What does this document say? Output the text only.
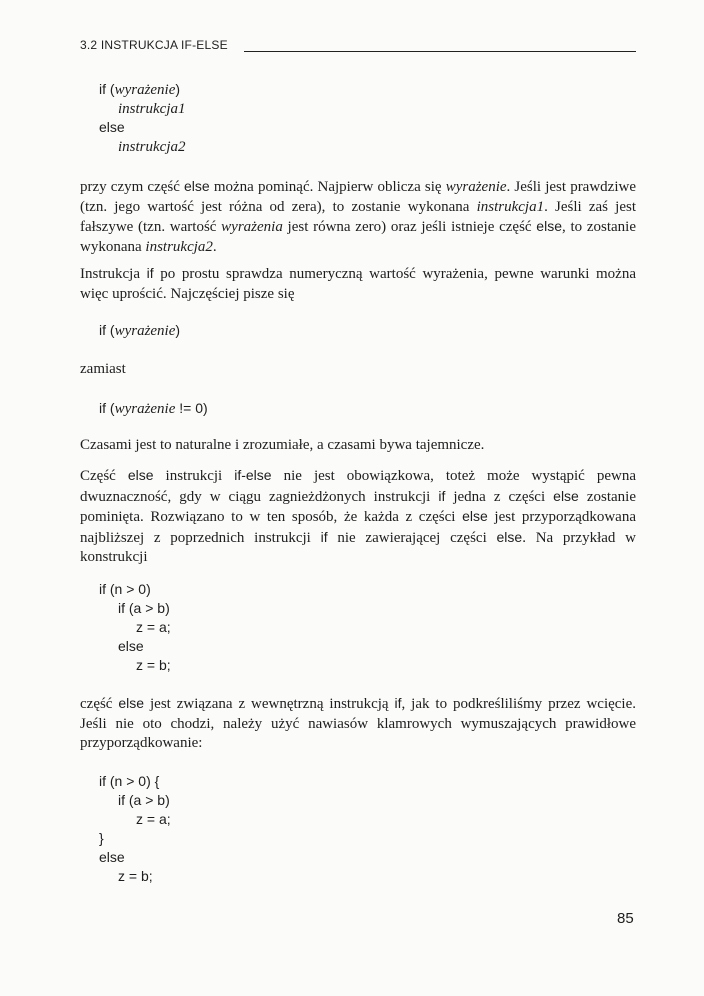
3.2 INSTRUKCJA IF-ELSE
if (wyrażenie)
instrukcja1
else
instrukcja2
przy czym część else można pominąć. Najpierw oblicza się wyrażenie. Jeśli jest prawdziwe (tzn. jego wartość jest różna od zera), to zostanie wykonana instrukcja1. Jeśli zaś jest fałszywe (tzn. wartość wyrażenia jest równa zero) oraz jeśli istnieje część else, to zostanie wykonana instrukcja2.
Instrukcja if po prostu sprawdza numeryczną wartość wyrażenia, pewne warunki można więc uprościć. Najczęściej pisze się
if (wyrażenie)
zamiast
if (wyrażenie != 0)
Czasami jest to naturalne i zrozumiałe, a czasami bywa tajemnicze.
Część else instrukcji if-else nie jest obowiązkowa, toteż może wystąpić pewna dwuznaczność, gdy w ciągu zagnieżdżonych instrukcji if jedna z części else zostanie pominięta. Rozwiązano to w ten sposób, że każda z części else jest przyporządkowana najbliższej z poprzednich instrukcji if nie zawierającej części else. Na przykład w konstrukcji
if (n > 0)
if (a > b)
z = a;
else
z = b;
część else jest związana z wewnętrzną instrukcją if, jak to podkreśliliśmy przez wcięcie. Jeśli nie oto chodzi, należy użyć nawiasów klamrowych wymuszających prawidłowe przyporządkowanie:
if (n > 0) {
if (a > b)
z = a;
}
else
z = b;
85
